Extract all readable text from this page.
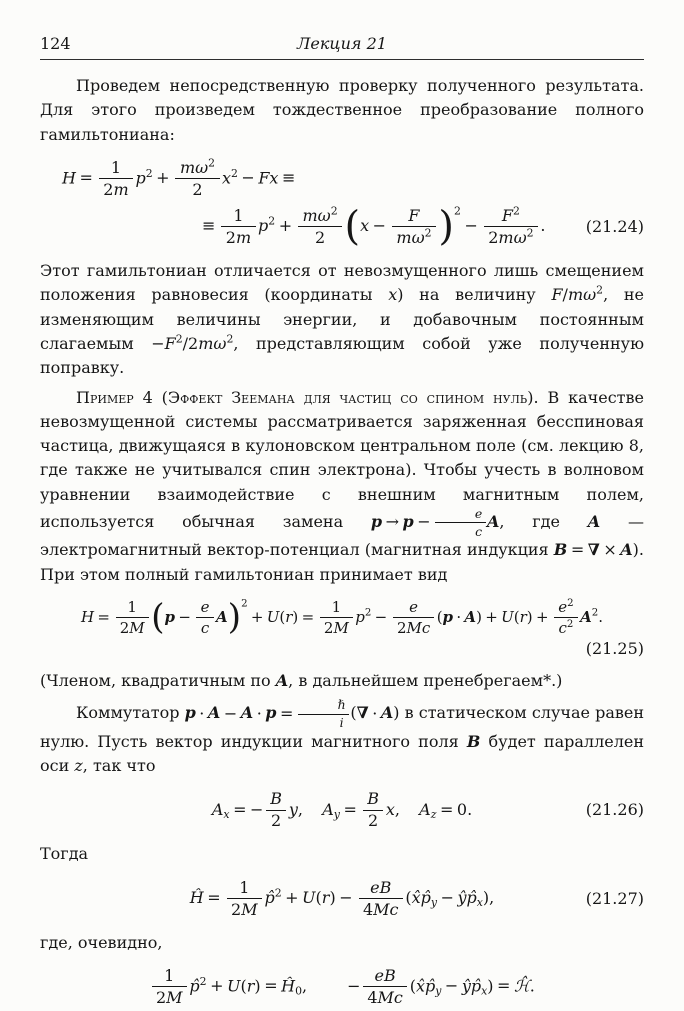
124	Лекция 21

Проведем непосредственную проверку полученного результата. Для этого произведем тождественное преобразование полного гамильтониана:

$H = \frac{1}{2m} p^2 + \frac{m\omega^2}{2} x^2 - Fx$ ≡
≡ $\frac{1}{2m} p^2 + \frac{m\omega^2}{2} (x - \frac{F}{m\omega^2} )^2- \frac{F^2}{2m\omega^2}$ .	(21.24)

Этот гамильтониан отличается от невозмущенного лишь смещением положения равновесия (координаты x) на величину $F/m\omega^2$, не изменяющим величины энергии, и добавочным постоянным слагаемым $-F^2/2m\omega^2$, представляющим собой уже полученную поправку.

Пример 4 (Эффект Зеемана для частиц со спином нуль). В качестве невозмущенной системы рассматривается заряженная бесспиновая частица, движущаяся в кулоновском центральном поле (см. лекцию 8, где также не учитывался спин электрона). Чтобы учесть в волновом уравнении взаимодействие с внешним магнитным полем, используется обычная замена $p \to p - \frac{e}{c} A$, где A — электромагнитный вектор-потенциал (магнитная индукция B = ∇ × A). При этом полный гамильтониан принимает вид

$H = \frac{1}{2M} (p - \frac{e}{c} A)^2+ U(r) = \frac{1}{2M} p^2 - \frac{e}{2Mc} (p \cdot A) + U(r) + \frac{e^2}{c^2} A^2$.
(21.25)

(Членом, квадратичным по A, в дальнейшем пренебрегаем*.)

Коммутатор p · A − A · p =	ℏ
i (∇ · A) в статическом случае равен нулю. Пусть вектор индукции магнитного поля B будет параллелен оси z, так что

$A_x$ = − $\frac{B}{2} y$, $A_y = \frac{B}{2} x$, $A_z = 0$.	(21.26)

Тогда

Ĥ = $\frac{1}{2M}$ p̂$^2$ + $U(r) - \frac{eB}{4Mc}$ ($x̂p̂_y$ − $ŷp̂_x$),	(21.27)

где, очевидно,

$\frac{1}{2M}$ p̂$^2$ + $U(r) = Ĥ_0$,	− $\frac{eB}{4Mc}$ ($x̂p̂_y$ − $ŷp̂_x$) = ℋ̂.
